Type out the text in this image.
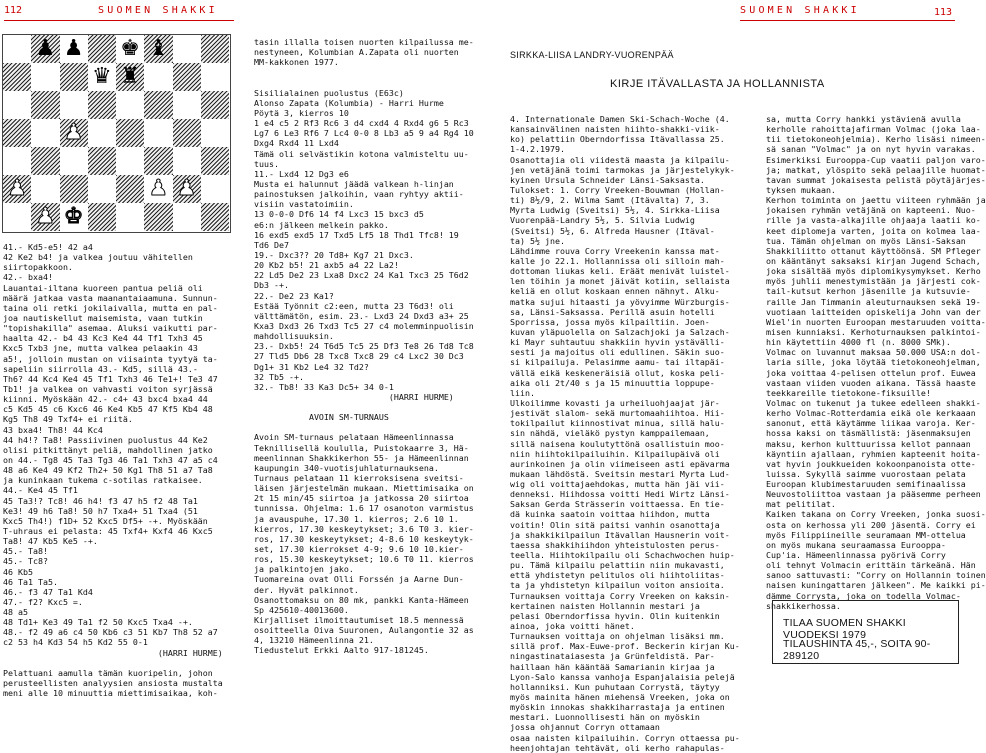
112	SUOMEN SHAKKI	SUOMEN SHAKKI	113
♟ ♟ ♚ ♝
♛ ♜
♟
♟	♟ ♟
♟ ♚
41.- Kd5-e5! 42 a4
42 Ke2 b4! ja valkea joutuu vähitellen
siirtopakkoon.
42.- bxa4!
Lauantai-iltana kuoreen pantua peliä oli
määrä jatkaa vasta maanantaiaamuna. Sunnun-
taina oli retki jokilaivalla, mutta en pal-
joa nautiskellut maisemista, vaan tutkin
"topishakilla" asemaa. Aluksi vaikutti par-
haalta 42.- b4 43 Kc3 Ke4 44 Tf1 Txh3 45
Kxc5 Txb3 jne, mutta valkea pelaakin 43
a5!, jolloin mustan on viisainta tyytyä ta-
sapeliin siirrolla 43.- Kd5, sillä 43.-
Th6? 44 Kc4 Ke4 45 Tf1 Txh3 46 Te1+! Te3 47
Tb1! ja valkea on vahvasti voiton syrjässä
kiinni. Myöskään 42.- c4+ 43 bxc4 bxa4 44
c5 Kd5 45 c6 Kxc6 46 Ke4 Kb5 47 Kf5 Kb4 48
Kg5 Th8 49 Txf4+ ei riitä.
43 bxa4! Th8! 44 Kc4
44 h4!? Ta8! Passiivinen puolustus 44 Ke2
olisi pitkittänyt peliä, mahdollinen jatko
on 44.- Tg8 45 Ta3 Tg3 46 Ta1 Txh3 47 a5 c4
48 a6 Ke4 49 Kf2 Th2+ 50 Kg1 Th8 51 a7 Ta8
ja kuninkaan tukema c-sotilas ratkaisee.
44.- Ke4 45 Tf1
45 Ta3!? Tc8! 46 h4! f3 47 h5 f2 48 Ta1
Ke3! 49 h6 Ta8! 50 h7 Txa4+ 51 Txa4 (51
Kxc5 Th4!) f1D+ 52 Kxc5 Df5+ -+. Myöskään
T-uhraus ei pelasta: 45 Txf4+ Kxf4 46 Kxc5
Ta8! 47 Kb5 Ke5 -+.
45.- Ta8!
45.- Tc8?
46 Kb5
46 Ta1 Ta5.
46.- f3 47 Ta1 Kd4
47.- f2? Kxc5 =.
48 a5
48 Td1+ Ke3 49 Ta1 f2 50 Kxc5 Txa4 -+.
48.- f2 49 a6 c4 50 Kb6 c3 51 Kb7 Th8 52 a7
c2 53 h4 Kd3 54 h5 Kd2 55 0-1
(HARRI HURME)
Pelattuani aamulla tämän kuoripelin, johon
perusteellisten analyysien ansiosta mustalta
meni alle 10 minuuttia miettimisaikaa, koh-
tasin illalla toisen nuorten kilpailussa me-
nestyneen, Kolumbian A.Zapata oli nuorten
MM-kakkonen 1977.
Sisilialainen puolustus (E63c)
Alonso Zapata (Kolumbia) - Harri Hurme
Pöytä 3, kierros 10
1 e4 c5 2 Rf3 Rc6 3 d4 cxd4 4 Rxd4 g6 5 Rc3
Lg7 6 Le3 Rf6 7 Lc4 0-0 8 Lb3 a5 9 a4 Rg4 10
Dxg4 Rxd4 11 Lxd4
Tämä oli selvästikin kotona valmisteltu uu-
tuus.
11.- Lxd4 12 Dg3 e6
Musta ei halunnut jäädä valkean h-linjan
painostuksen jalkoihin, vaan ryhtyy aktii-
visiin vastatoimiin.
13 0-0-0 Df6 14 f4 Lxc3 15 bxc3 d5
e6:n jälkeen melkein pakko.
16 exd5 exd5 17 Txd5 Lf5 18 Thd1 Tfc8! 19
Td6 De7
19.- Dxc3?? 20 Td8+ Kg7 21 Dxc3.
20 Kb2 b5! 21 axb5 a4 22 La2!
22 Ld5 De2 23 Lxa8 Dxc2 24 Ka1 Txc3 25 T6d2
Db3 -+.
22.- De2 23 Ka1?
Estää Työnnit c2:een, mutta 23 T6d3! oli
välttämätön, esim. 23.- Lxd3 24 Dxd3 a3+ 25
Kxa3 Dxd3 26 Txd3 Tc5 27 c4 molemminpuolisin
mahdollisuuksin.
23.- Dxb5! 24 T6d5 Tc5 25 Df3 Te8 26 Td8 Tc8
27 Tld5 Db6 28 Txc8 Txc8 29 c4 Lxc2 30 Dc3
Dg1+ 31 Kb2 Le4 32 Td2?
32 Tb5 -+.
32.- Tb8! 33 Ka3 Dc5+ 34 0-1
(HARRI HURME)
AVOIN SM-TURNAUS
Avoin SM-turnaus pelataan Hämeenlinnassa
Teknillisellä koululla, Puistokaarre 3, Hä-
meenlinnan Shakkikerhon 55- ja Hämeenlinnan
kaupungin 340-vuotisjuhlaturnauksena.
Turnaus pelataan 11 kierroksisena sveitsi-
läisen järjestelmän mukaan. Miettimisaika on
2t 15 min/45 siirtoa ja jatkossa 20 siirtoa
tunnissa. Ohjelma: 1.6 17 osanoton varmistus
ja avauspuhe, 17.30 1. kierros; 2.6 10 1.
kierros, 17.30 keskeytykset; 3.6 T0 3. kier-
ros, 17.30 keskeytykset; 4-8.6 10 keskeytyk-
set, 17.30 kierrokset 4-9; 9.6 10 10.kier-
ros, 15.30 keskeytykset; 10.6 T0 11. kierros
ja palkintojen jako.
Tuomareina ovat Olli Forssén ja Aarne Dun-
der. Hyvät palkinnot.
Osanottomaksu on 80 mk, pankki Kanta-Hämeen
Sp 425610-40013600.
Kirjalliset ilmoittautumiset 18.5 mennessä
osoitteella Oiva Suuronen, Aulangontie 32 as
4, 13210 Hämeenlinna 21.
Tiedustelut Erkki Aalto 917-181245.
SIRKKA-LIISA LANDRY-VUORENPÄÄ
KIRJE ITÄVALLASTA JA HOLLANNISTA
4. Internationale Damen Ski-Schach-Woche (4.
kansainvälinen naisten hiihto-shakki-viik-
ko) pelattiin Oberndorfissa Itävallassa 25.
1-4.2.1979.
Osanottajia oli viidestä maasta ja kilpailu-
jen vetäjänä toimi tarmokas ja järjestelykyk-
kyinen Ursula Schneider Länsi-Saksasta.
Tulokset: 1. Corry Vreeken-Bouwman (Hollan-
ti) 8½/9, 2. Wilma Samt (Itävalta) 7, 3.
Myrta Ludwig (Sveitsi) 5½, 4. Sirkka-Liisa
Vuorenpää-Landry 5½, 5. Silvia Ludwig
(Sveitsi) 5½, 6. Alfreda Hausner (Itäval-
ta) 5½ jne.
Lähdimme rouva Corry Vreekenin kanssa mat-
kalle jo 22.1. Hollannissa oli silloin mah-
dottoman liukas keli. Eräät menivät luistel-
len töihin ja monet jäivät kotiin, sellaista
keliä en ollut koskaan ennen nähnyt. Alku-
matka sujui hitaasti ja yövyimme Würzburgis-
sa, Länsi-Saksassa. Perillä asuin hotelli
Sporrissa, jossa myös kilpailtiin. Joen-
kuvan yläpuolella on Salzachjoki ja Salzach-
ki Mayr suhtautuu shakkiin hyvin ystävälli-
sesti ja majoitus oli edullinen. Säkin suo-
si kilpailuja. Pelasimme aamu- tai iltapäi-
vällä eikä keskeneräisiä ollut, koska peli-
aika oli 2t/40 s ja 15 minuuttia loppupe-
liin.
Ulkoilimme kovasti ja urheiluohjaajat jär-
jestivät slalom- sekä murtomaahiihtoa. Hii-
tokilpailut kiinnostivat minua, sillä halu-
sin nähdä, vieläkö pystyn kamppailemaan,
sillä naisena koulutyttönä osallistuin moo-
niin hiihtokilpailuihin. Kilpailupäivä oli
aurinkoinen ja olin viimeiseen asti epävarma
mukaan lähdöstä. Sveitsin mestari Myrta Lud-
wig oli voittajaehdokas, mutta hän jäi vii-
denneksi. Hiihdossa voitti Hedi Wirtz Länsi-
Saksan Gerda Strässerin voittaessa. En tie-
dä kuinka saatoin voittaa hiihdon, mutta
voitin! Olin sitä paitsi vanhin osanottaja
ja shakkikilpailun Itävallan Hausnerin voit-
taessa shakkihiihdon yhteistulosten perus-
teella. Hiihtokilpailu oli Schachwochen huip-
pu. Tämä kilpailu pelattiin niin mukavasti,
että yhdistetyn pelitulos oli hiihtoliitas-
ta ja yhdistetyn kilpailun voiton ansioita.
Turnauksen voittaja Corry Vreeken on kaksin-
kertainen naisten Hollannin mestari ja
pelasi Oberndorfissa hyvin. Olin kuitenkin
ainoa, joka voitti hänet.
Turnauksen voittaja on ohjelman lisäksi mm.
sillä prof. Max-Euwe-prof. Beckerin kirjan Ku-
ningastinataiasesta ja Grünfeldistä. Par-
haillaan hän kääntää Samarianin kirjaa ja
Lyon-Salo kanssa vanhoja Espanjalaisia pelejä
hollanniksi. Kun puhutaan Corrystä, täytyy
myös mainita hänen miehensä Vreeken, joka on
myöskin innokas shakkiharrastaja ja entinen
mestari. Luonnollisesti hän on myöskin
jossa ohjannut Corryn ottamaan
osaa naisten kilpailuihin. Corryn ottaessa pu-
heenjohtajan tehtävät, oli kerho rahapulas-
sa, mutta Corry hankki ystävienä avulla
kerholle rahoittajafirman Volmac (joka laa-
tii tietokoneohjelmia). Kerho lisäsi nimeen-
sä sanan "Volmac" ja on nyt hyvin varakas.
Esimerkiksi Eurooppa-Cup vaatii paljon varo-
ja; matkat, ylöspito sekä pelaajille huomat-
tavan summat jokaisesta pelistä pöytäjärjes-
tyksen mukaan.
Kerhon toiminta on jaettu viiteen ryhmään ja
jokaisen ryhmän vetäjänä on kapteeni. Nuo-
rille ja vasta-alkajille ohjaaja laatii ko-
keet diplomeja varten, joita on kolmea laa-
tua. Tämän ohjelman on myös Länsi-Saksan
Shakkiliitto ottanut käyttöönsä. SM Pfleger
on kääntänyt saksaksi kirjan Jugend Schach,
joka sisältää myös diplomikysymykset. Kerho
myös juhlii menestymistään ja järjesti cok-
tail-kutsut kerhon jäsenille ja kutsuvie-
raille Jan Timmanin aleuturnauksen sekä 19-
vuotiaan laitteiden opiskelija John van der
Wiel'in nuorten Euroopan mestaruuden voitta-
misen kunniaksi. Kerhoturnauksen palkintoi-
hin käytettiin 4000 fl (n. 8000 SMk).
Volmac on luvannut maksaa 50.000 USA:n dol-
laria sille, joka löytää tietokoneohjelman,
joka voittaa 4-pelisen ottelun prof. Euwea
vastaan viiden vuoden aikana. Tässä haaste
teekkareille tietokone-fiksuille!
Volmac on tukenut ja tukee edelleen shakki-
kerho Volmac-Rotterdamia eikä ole kerkaaan
sanonut, että käytämme liikaa varoja. Ker-
hossa kaksi on täsmällistä: jäsenmaksujen
maksu, kerhon kulttuurissa kellot pannaan
käyntiin ajallaan, ryhmien kapteenit hoita-
vat hyvin joukkueiden kokoonpanoista otte-
luissa. Sykyllä saimme vuorostaan pelata
Euroopan klubimestaruuden semifinaalissa
Neuvostoliittoa vastaan ja pääsemme perheen
mat pelitilat.
Kaiken takana on Corry Vreeken, jonka suosi-
osta on kerhossa yli 200 jäsentä. Corry ei
myös Filippiineille seuramaan MM-ottelua
on myös mukana seuraamassa Eurooppa-
Cup'ia. Hämeenlinnassa pyörivä Corry
oli tehnyt Volmacin erittäin tärkeänä. Hän
sanoo sattuvasti: "Corry on Hollannin toinen
naisen kuningattaren jälkeen". Me kaikki pi-
dämme Corrysta, joka on todella Volmac-
shakkikerhossa.
TILAA SUOMEN SHAKKI VUODEKSI 1979
TILAUSHINTA 45,-, SOITA 90-289120
